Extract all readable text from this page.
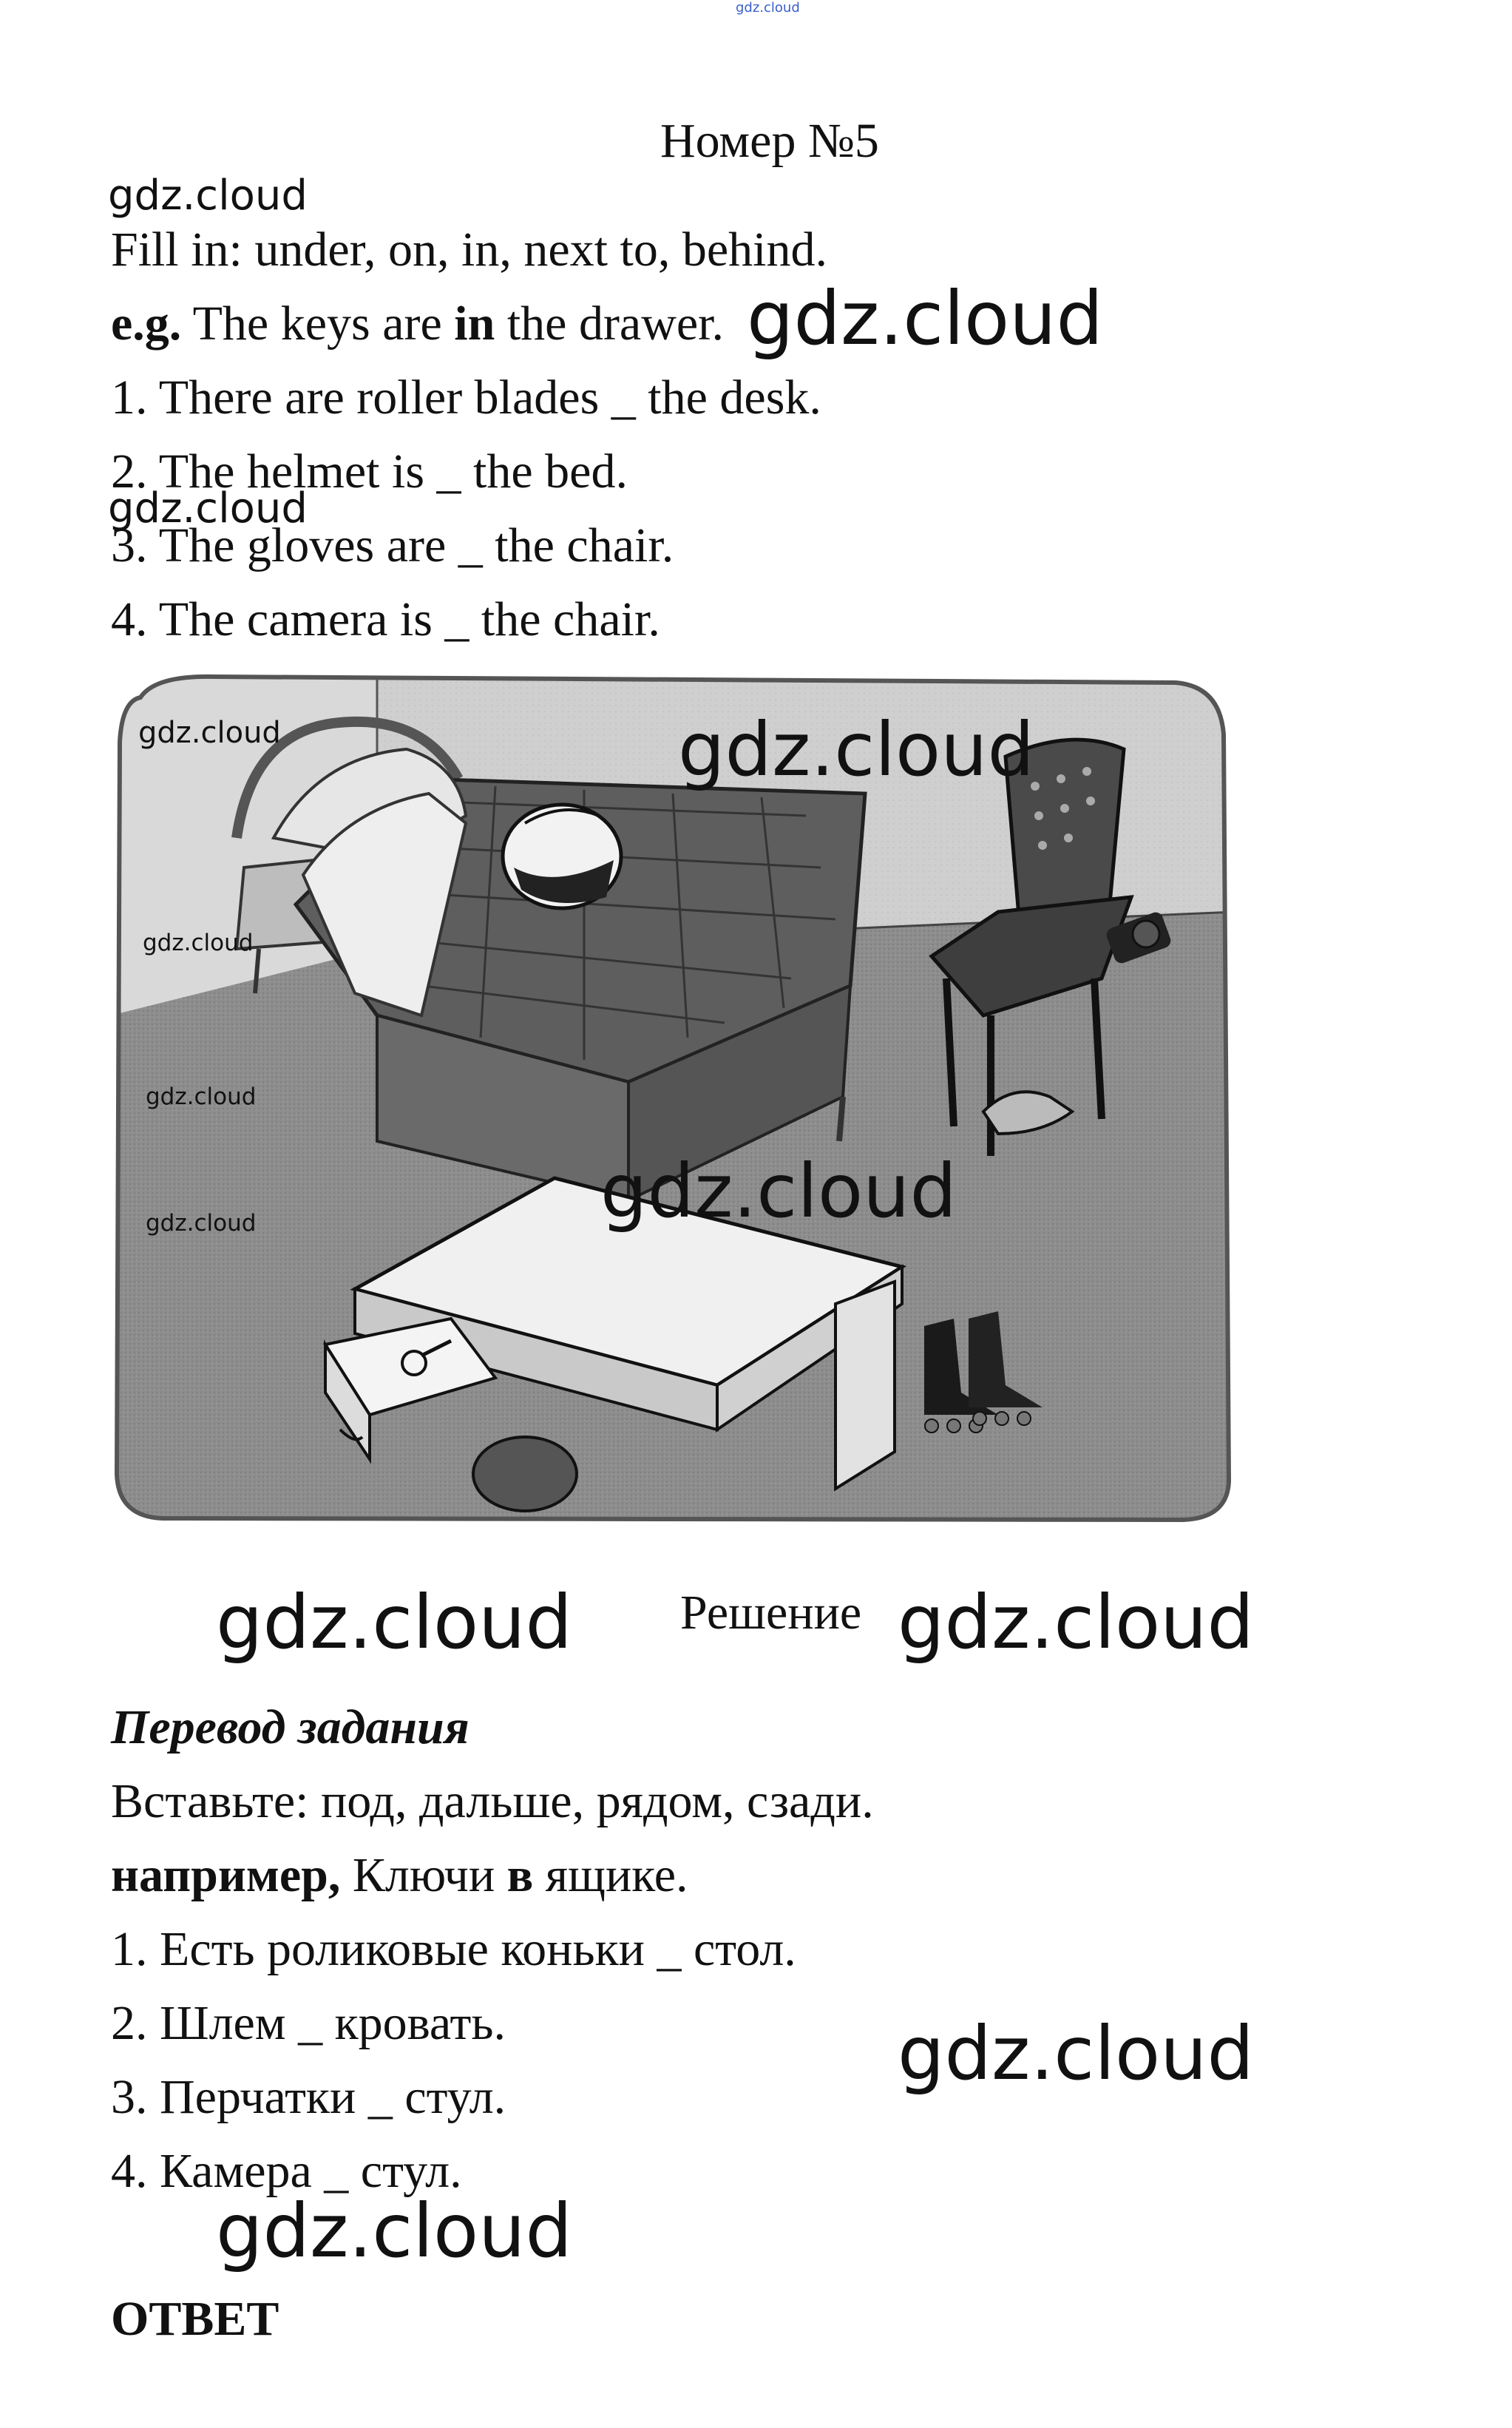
gdz.cloud
Номер №5
gdz.cloud
Fill in: under, on, in, next to, behind.
e.g. The keys are in the drawer. gdz.cloud
1. There are roller blades _ the desk.
2. The helmet is _ the bed.
gdz.cloud
3. The gloves are _ the chair.
4. The camera is _ the chair.
gdz.cloud	gdz.cloud
gdz.cloud
gdz.cloud
gdz.cloud	gdz.cloud
gdz.cloud Решение gdz.cloud
Перевод задания
Вставьте: под, дальше, рядом, сзади.
например, Ключи в ящике.
1. Есть роликовые коньки _ стол.
2. Шлем _ кровать.	gdz.cloud
3. Перчатки _ стул.
4. Камера _ стул.
gdz.cloud
ОТВЕТ
